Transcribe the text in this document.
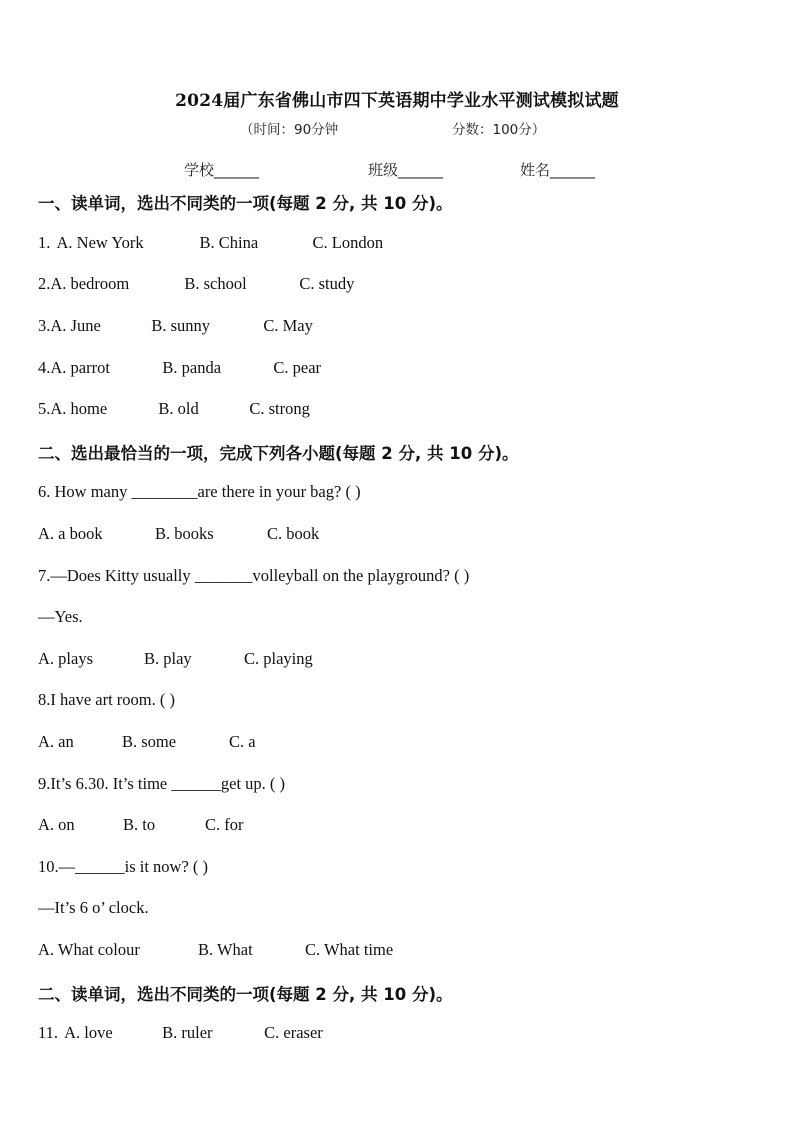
2024届广东省佛山市四下英语期中学业水平测试模拟试题
（时间：90分钟	分数：100分）
学校______	班级______	姓名______
一、读单词，选出不同类的一项(每题 2 分, 共 10 分)。
1. A. New York	B. China	C. London
2.A. bedroom	B. school	C. study
3.A. June	B. sunny	C. May
4.A. parrot	B. panda	C. pear
5.A. home	B. old	C. strong
二、选出最恰当的一项，完成下列各小题(每题 2 分, 共 10 分)。
6. How many ________are there in your bag? ( )
A. a book	B. books	C. book
7.—Does Kitty usually _______volleyball on the playground? ( )
—Yes.
A. plays	B. play	C. playing
8.I have art room. ( )
A. an	B. some	C. a
9.It’s 6.30. It’s time ______get up. ( )
A. on	B. to	C. for
10.—______is it now? ( )
—It’s 6 o’ clock.
A. What colour	B. What	C. What time
二、读单词，选出不同类的一项(每题 2 分, 共 10 分)。
11. A. love	B. ruler	C. eraser
